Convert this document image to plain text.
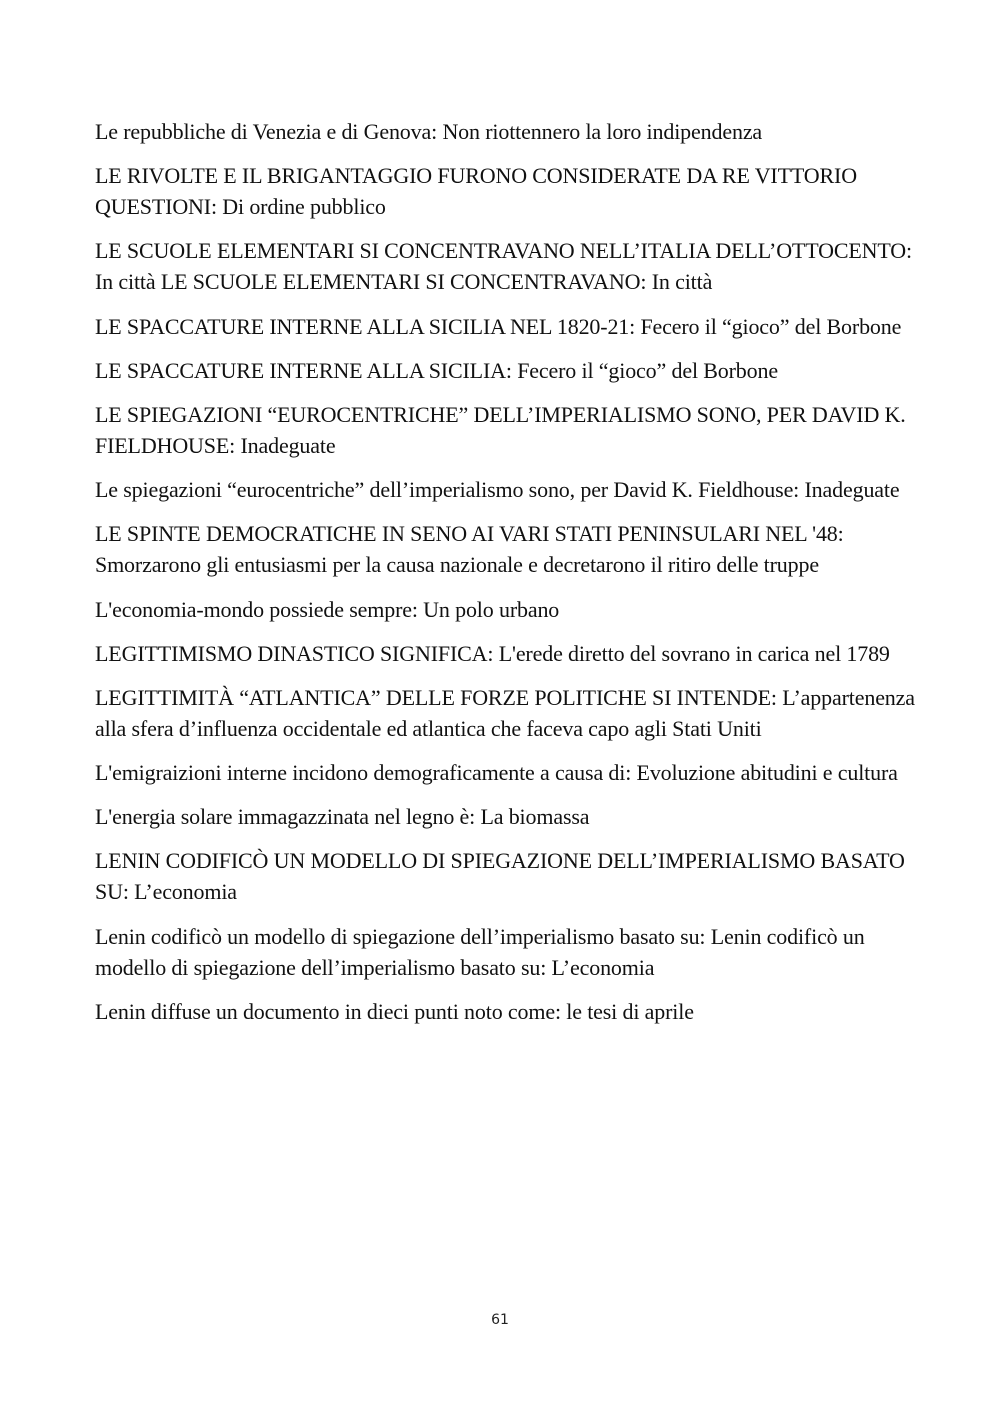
Le repubbliche di Venezia e di Genova: Non riottennero la loro indipendenza

LE RIVOLTE E IL BRIGANTAGGIO FURONO CONSIDERATE DA RE VITTORIO QUESTIONI: Di ordine pubblico

LE SCUOLE ELEMENTARI SI CONCENTRAVANO NELL’ITALIA DELL’OTTOCENTO: In città LE SCUOLE ELEMENTARI SI CONCENTRAVANO: In città

LE SPACCATURE INTERNE ALLA SICILIA NEL 1820-21: Fecero il “gioco” del Borbone

LE SPACCATURE INTERNE ALLA SICILIA: Fecero il “gioco” del Borbone

LE SPIEGAZIONI “EUROCENTRICHE” DELL’IMPERIALISMO SONO, PER DAVID K. FIELDHOUSE: Inadeguate

Le spiegazioni “eurocentriche” dell’imperialismo sono, per David K. Fieldhouse: Inadeguate

LE SPINTE DEMOCRATICHE IN SENO AI VARI STATI PENINSULARI NEL '48: Smorzarono gli entusiasmi per la causa nazionale e decretarono il ritiro delle truppe

L'economia-mondo possiede sempre: Un polo urbano

LEGITTIMISMO DINASTICO SIGNIFICA: L'erede diretto del sovrano in carica nel 1789

LEGITTIMITÀ “ATLANTICA” DELLE FORZE POLITICHE SI INTENDE: L’appartenenza alla sfera d’influenza occidentale ed atlantica che faceva capo agli Stati Uniti

L'emigraizioni interne incidono demograficamente a causa di: Evoluzione abitudini e cultura

L'energia solare immagazzinata nel legno è: La biomassa

LENIN CODIFICÒ UN MODELLO DI SPIEGAZIONE DELL’IMPERIALISMO BASATO SU: L’economia

Lenin codificò un modello di spiegazione dell’imperialismo basato su: Lenin codificò un modello di spiegazione dell’imperialismo basato su: L’economia

Lenin diffuse un documento in dieci punti noto come: le tesi di aprile

61
